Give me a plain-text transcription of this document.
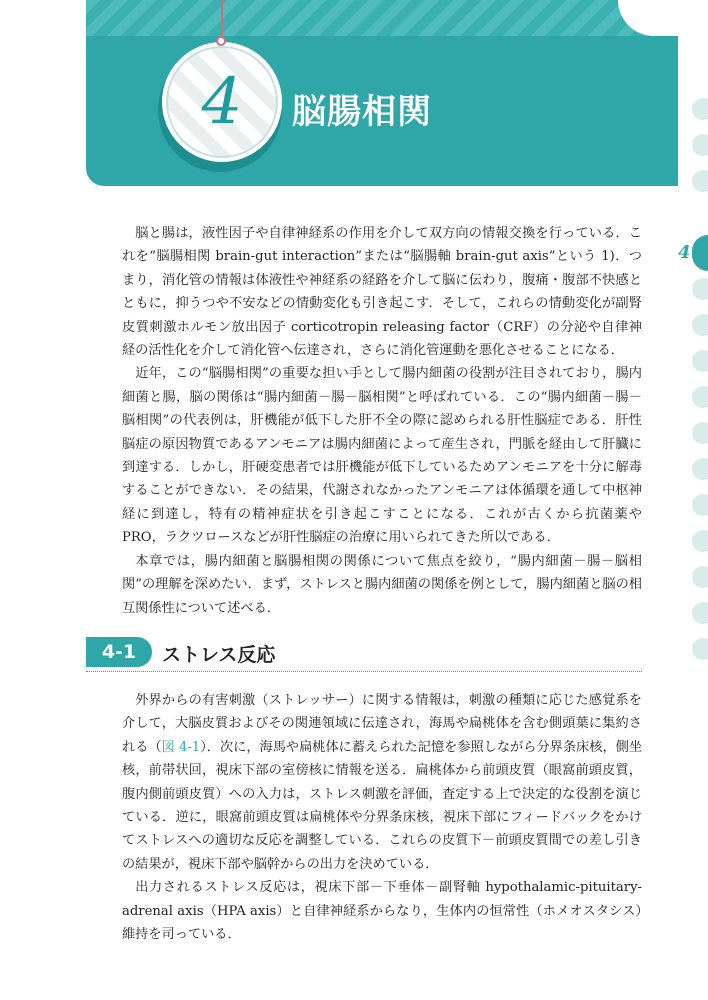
4	脳腸相関
4

脳と腸は，液性因子や自律神経系の作用を介して双方向の情報交換を行っている．これを“脳腸相関 brain-gut interaction”または“脳腸軸 brain-gut axis”という 1)．つまり，消化管の情報は体液性や神経系の経路を介して脳に伝わり，腹痛・腹部不快感とともに，抑うつや不安などの情動変化も引き起こす．そして，これらの情動変化が副腎皮質刺激ホルモン放出因子 corticotropin releasing factor（CRF）の分泌や自律神経の活性化を介して消化管へ伝達され，さらに消化管運動を悪化させることになる．

近年，この“脳腸相関”の重要な担い手として腸内細菌の役割が注目されており，腸内細菌と腸，脳の関係は“腸内細菌－腸－脳相関”と呼ばれている．この“腸内細菌－腸－脳相関”の代表例は，肝機能が低下した肝不全の際に認められる肝性脳症である．肝性脳症の原因物質であるアンモニアは腸内細菌によって産生され，門脈を経由して肝臓に到達する．しかし，肝硬変患者では肝機能が低下しているためアンモニアを十分に解毒することができない．その結果，代謝されなかったアンモニアは体循環を通して中枢神経に到達し，特有の精神症状を引き起こすことになる．これが古くから抗菌薬や PRO，ラクツロースなどが肝性脳症の治療に用いられてきた所以である．

本章では，腸内細菌と脳腸相関の関係について焦点を絞り，“腸内細菌－腸－脳相関”の理解を深めたい．まず，ストレスと腸内細菌の関係を例として，腸内細菌と脳の相互関係性について述べる．

4-1	ストレス反応

外界からの有害刺激（ストレッサー）に関する情報は，刺激の種類に応じた感覚系を介して，大脳皮質およびその関連領域に伝達され，海馬や扁桃体を含む側頭葉に集約される（図 4-1）．次に，海馬や扁桃体に蓄えられた記憶を参照しながら分界条床核，側坐核，前帯状回，視床下部の室傍核に情報を送る．扁桃体から前頭皮質（眼窩前頭皮質，腹内側前頭皮質）への入力は，ストレス刺激を評価，査定する上で決定的な役割を演じている．逆に，眼窩前頭皮質は扁桃体や分界条床核，視床下部にフィードバックをかけてストレスへの適切な反応を調整している．これらの皮質下－前頭皮質間での差し引きの結果が，視床下部や脳幹からの出力を決めている．

出力されるストレス反応は，視床下部－下垂体－副腎軸 hypothalamic-pituitary-adrenal axis（HPA axis）と自律神経系からなり，生体内の恒常性（ホメオスタシス）維持を司っている．
